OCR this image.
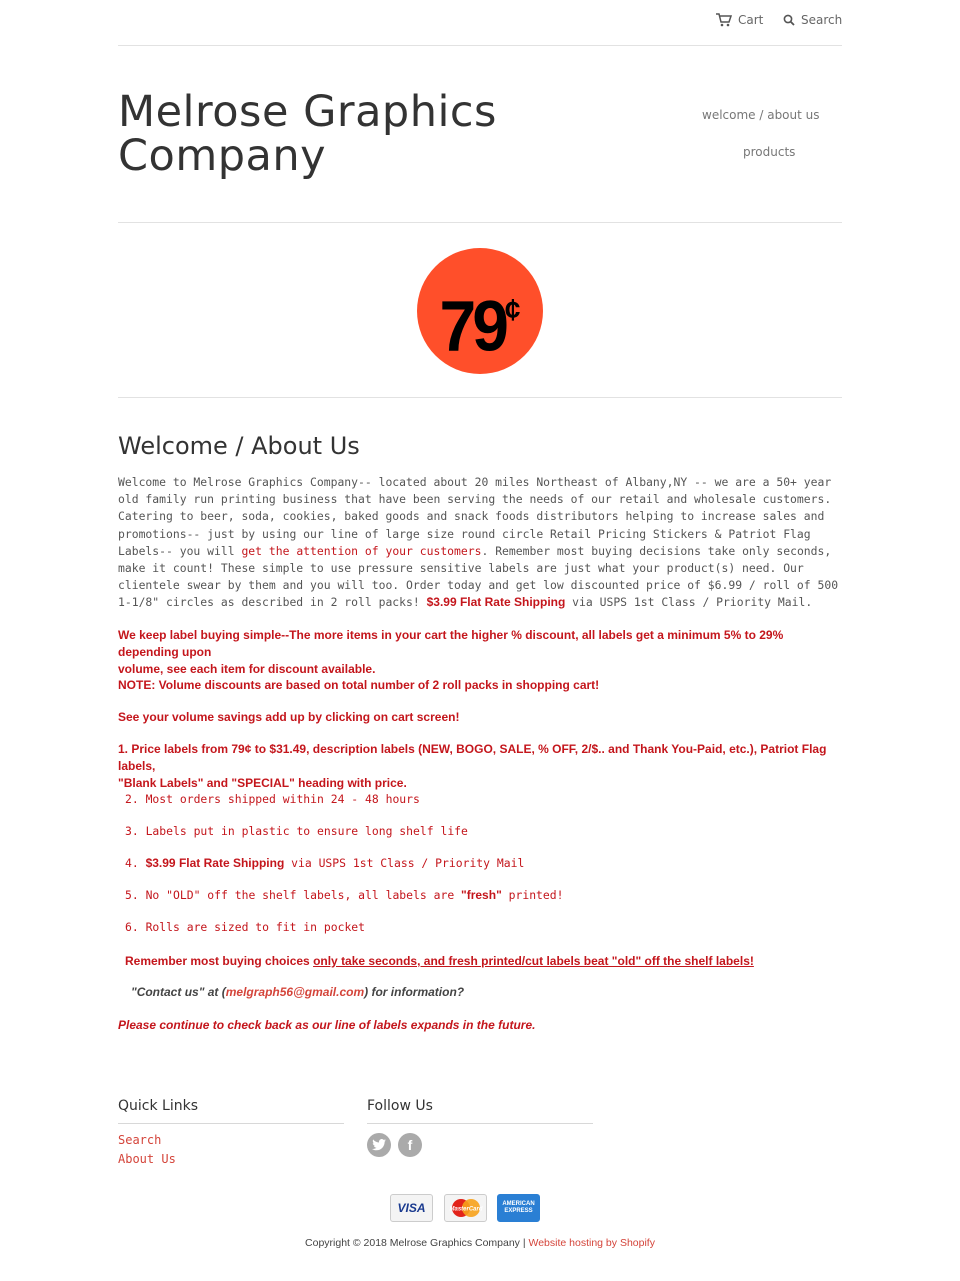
Cart	Search
Melrose Graphics
Company
welcome / about us
products
79¢
Welcome / About Us
Welcome to Melrose Graphics Company-- located about 20 miles Northeast of Albany,NY -- we are a 50+ year
old family run printing business that have been serving the needs of our retail and wholesale customers.
Catering to beer, soda, cookies, baked goods and snack foods distributors helping to increase sales and
promotions-- just by using our line of large size round circle Retail Pricing Stickers & Patriot Flag
Labels-- you will get the attention of your customers. Remember most buying decisions take only seconds,
make it count! These simple to use pressure sensitive labels are just what your product(s) need. Our
clientele swear by them and you will too. Order today and get low discounted price of $6.99 / roll of 500
1-1/8" circles as described in 2 roll packs! $3.99 Flat Rate Shipping via USPS 1st Class / Priority Mail.
We keep label buying simple--The more items in your cart the higher % discount, all labels get a minimum 5% to 29% depending upon
volume, see each item for discount available.
NOTE: Volume discounts are based on total number of 2 roll packs in shopping cart!
See your volume savings add up by clicking on cart screen!
1. Price labels from 79¢ to $31.49, description labels (NEW, BOGO, SALE, % OFF, 2/$.. and Thank You-Paid, etc.), Patriot Flag labels,
"Blank Labels" and "SPECIAL" heading with price.
2. Most orders shipped within 24 - 48 hours
3. Labels put in plastic to ensure long shelf life
4. $3.99 Flat Rate Shipping via USPS 1st Class / Priority Mail
5. No "OLD" off the shelf labels, all labels are "fresh" printed!
6. Rolls are sized to fit in pocket
Remember most buying choices only take seconds, and fresh printed/cut labels beat "old" off the shelf labels!
"Contact us" at (melgraph56@gmail.com) for information?
Please continue to check back as our line of labels expands in the future.
Quick Links
Search
About Us
Follow Us
f
VISA	MasterCard
AMERICAN EXPRESS
Copyright © 2018 Melrose Graphics Company | Website hosting by Shopify
